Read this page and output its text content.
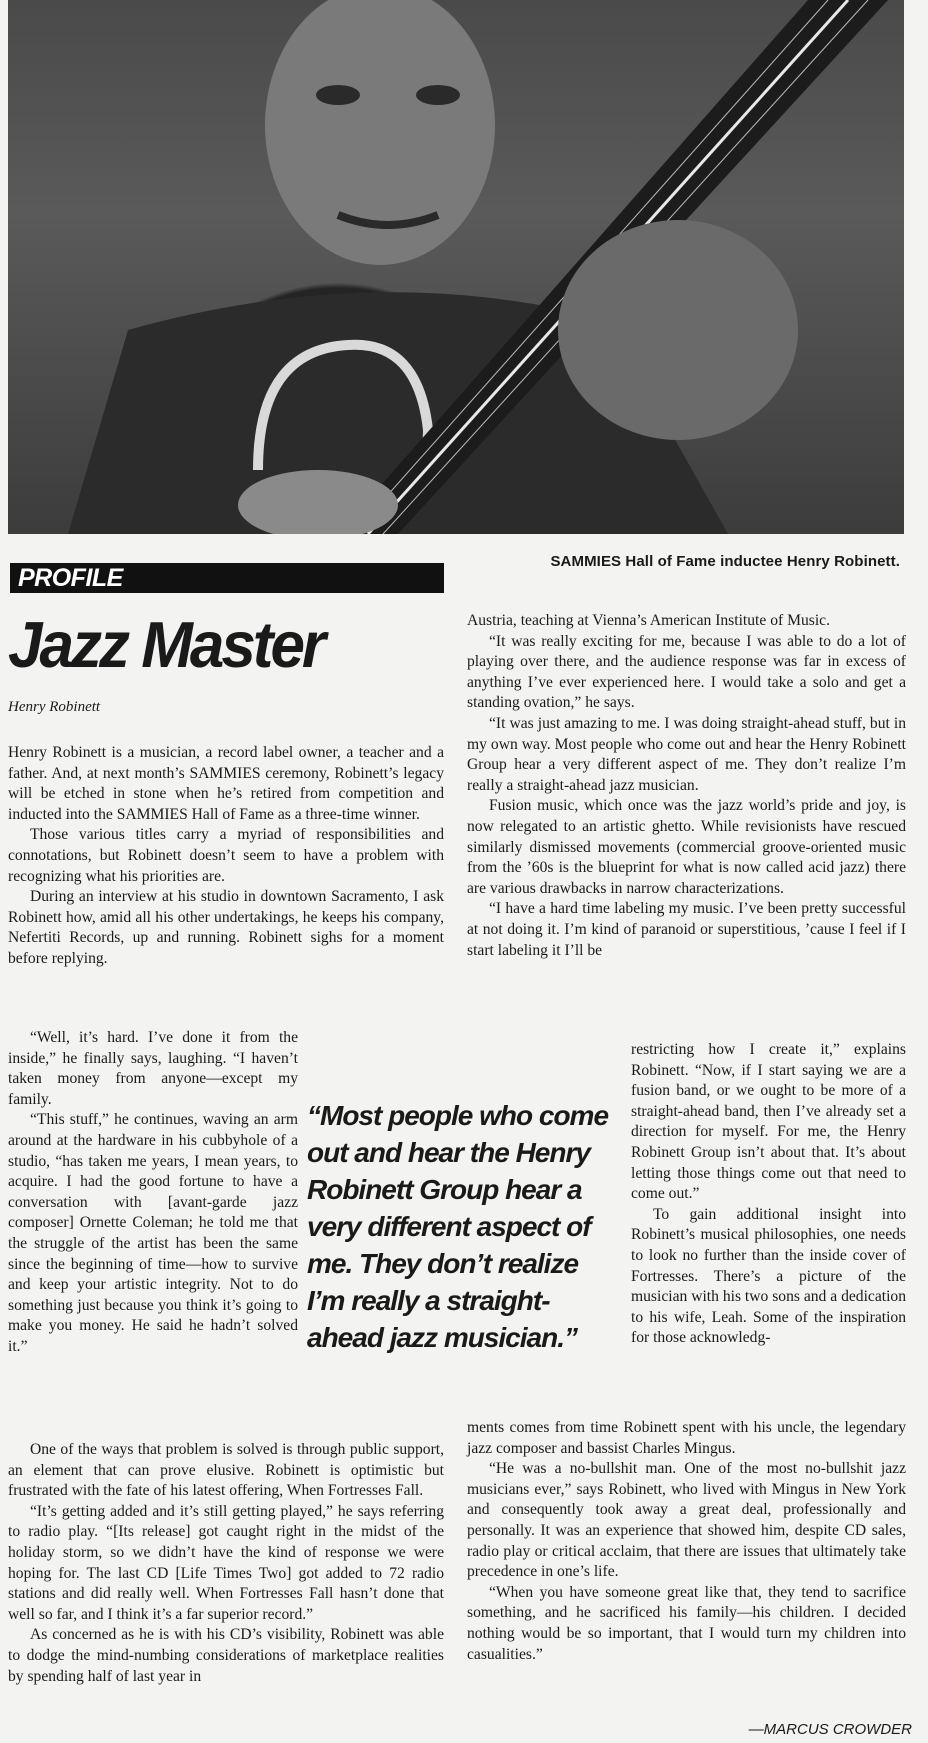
SAMMIES Hall of Fame inductee Henry Robinett.
PROFILE
Jazz Master
Henry Robinett

Henry Robinett is a musician, a record label owner, a teacher and a father. And, at next month’s SAMMIES ceremony, Robinett’s legacy will be etched in stone when he’s retired from competition and inducted into the SAMMIES Hall of Fame as a three-time winner.

Those various titles carry a myriad of responsibilities and connotations, but Robinett doesn’t seem to have a problem with recognizing what his priorities are.

During an interview at his studio in downtown Sacramento, I ask Robinett how, amid all his other undertakings, he keeps his company, Nefertiti Records, up and running. Robinett sighs for a moment before replying.

“Well, it’s hard. I’ve done it from the inside,” he finally says, laughing. “I haven’t taken money from anyone—except my family.

“This stuff,” he continues, waving an arm around at the hardware in his cubbyhole of a studio, “has taken me years, I mean years, to acquire. I had the good fortune to have a conversation with [avant-garde jazz composer] Ornette Coleman; he told me that the struggle of the artist has been the same since the beginning of time—how to survive and keep your artistic integrity. Not to do something just because you think it’s going to make you money. He said he hadn’t solved it.”

One of the ways that problem is solved is through public support, an element that can prove elusive. Robinett is optimistic but frustrated with the fate of his latest offering, When Fortresses Fall.

“It’s getting added and it’s still getting played,” he says referring to radio play. “[Its release] got caught right in the midst of the holiday storm, so we didn’t have the kind of response we were hoping for. The last CD [Life Times Two] got added to 72 radio stations and did really well. When Fortresses Fall hasn’t done that well so far, and I think it’s a far superior record.”

As concerned as he is with his CD’s visibility, Robinett was able to dodge the mind-numbing considerations of marketplace realities by spending half of last year in

“Most people who come out and hear the Henry Robinett Group hear a very different aspect of me. They don’t realize I’m really a straight-ahead jazz musician.”

Austria, teaching at Vienna’s American Institute of Music.

“It was really exciting for me, because I was able to do a lot of playing over there, and the audience response was far in excess of anything I’ve ever experienced here. I would take a solo and get a standing ovation,” he says.

“It was just amazing to me. I was doing straight-ahead stuff, but in my own way. Most people who come out and hear the Henry Robinett Group hear a very different aspect of me. They don’t realize I’m really a straight-ahead jazz musician.

Fusion music, which once was the jazz world’s pride and joy, is now relegated to an artistic ghetto. While revisionists have rescued similarly dismissed movements (commercial groove-oriented music from the ’60s is the blueprint for what is now called acid jazz) there are various drawbacks in narrow characterizations.

“I have a hard time labeling my music. I’ve been pretty successful at not doing it. I’m kind of paranoid or superstitious, ’cause I feel if I start labeling it I’ll be

restricting how I create it,” explains Robinett. “Now, if I start saying we are a fusion band, or we ought to be more of a straight-ahead band, then I’ve already set a direction for myself. For me, the Henry Robinett Group isn’t about that. It’s about letting those things come out that need to come out.”

To gain additional insight into Robinett’s musical philosophies, one needs to look no further than the inside cover of Fortresses. There’s a picture of the musician with his two sons and a dedication to his wife, Leah. Some of the inspiration for those acknowledg-

ments comes from time Robinett spent with his uncle, the legendary jazz composer and bassist Charles Mingus.

“He was a no-bullshit man. One of the most no-bullshit jazz musicians ever,” says Robinett, who lived with Mingus in New York and consequently took away a great deal, professionally and personally. It was an experience that showed him, despite CD sales, radio play or critical acclaim, that there are issues that ultimately take precedence in one’s life.

“When you have someone great like that, they tend to sacrifice something, and he sacrificed his family—his children. I decided nothing would be so important, that I would turn my children into casualities.”

—MARCUS CROWDER
